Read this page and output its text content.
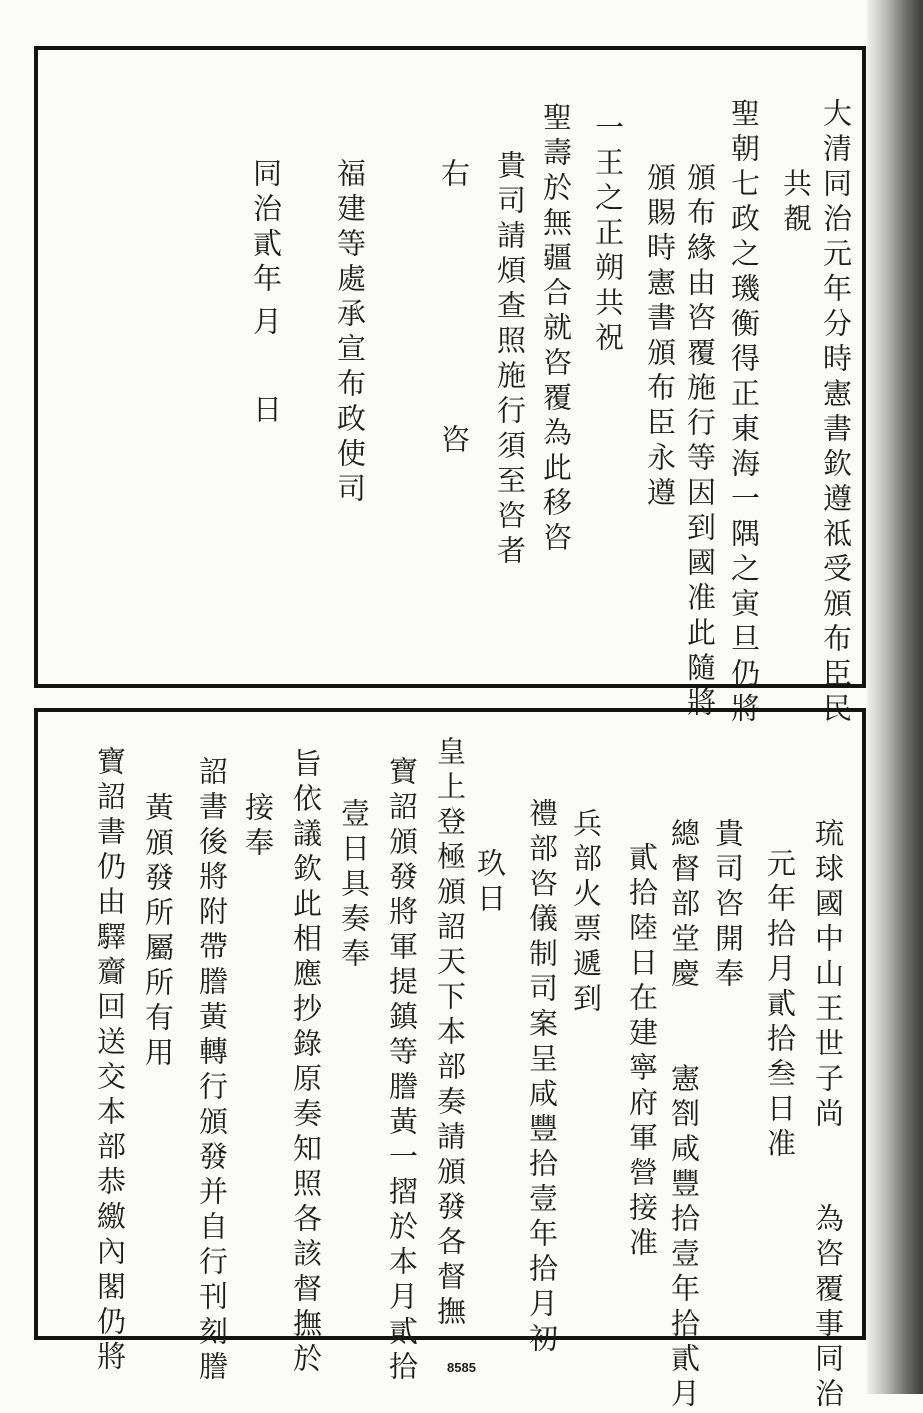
大清同治元年分時憲書欽遵祗受頒布臣民
共覩
聖朝七政之璣衡得正東海一隅之寅旦仍將
頒布緣由咨覆施行等因到國准此隨將
頒賜時憲書頒布臣永遵
一王之正朔共祝
聖壽於無疆合就咨覆為此移咨
貴司請煩查照施行須至咨者
右
咨
福建等處承宣布政使司
同治貳年
月
日
琉球國中山王世子尚　　為咨覆事同治
元年拾月貳拾叁日准
貴司咨開奉
總督部堂慶　　憲劄咸豐拾壹年拾貳月
貳拾陸日在建寧府軍營接准
兵部火票遞到
禮部咨儀制司案呈咸豐拾壹年拾月初
玖日
皇上登極頒詔天下本部奏請頒發各督撫
寶詔頒發將軍提鎮等謄黃一摺於本月貳拾
壹日具奏奉
旨依議欽此相應抄錄原奏知照各該督撫於
接奉
詔書後將附帶謄黃轉行頒發并自行刊刻謄
黃頒發所屬所有用
寶詔書仍由驛齎回送交本部恭繳內閣仍將	8585
